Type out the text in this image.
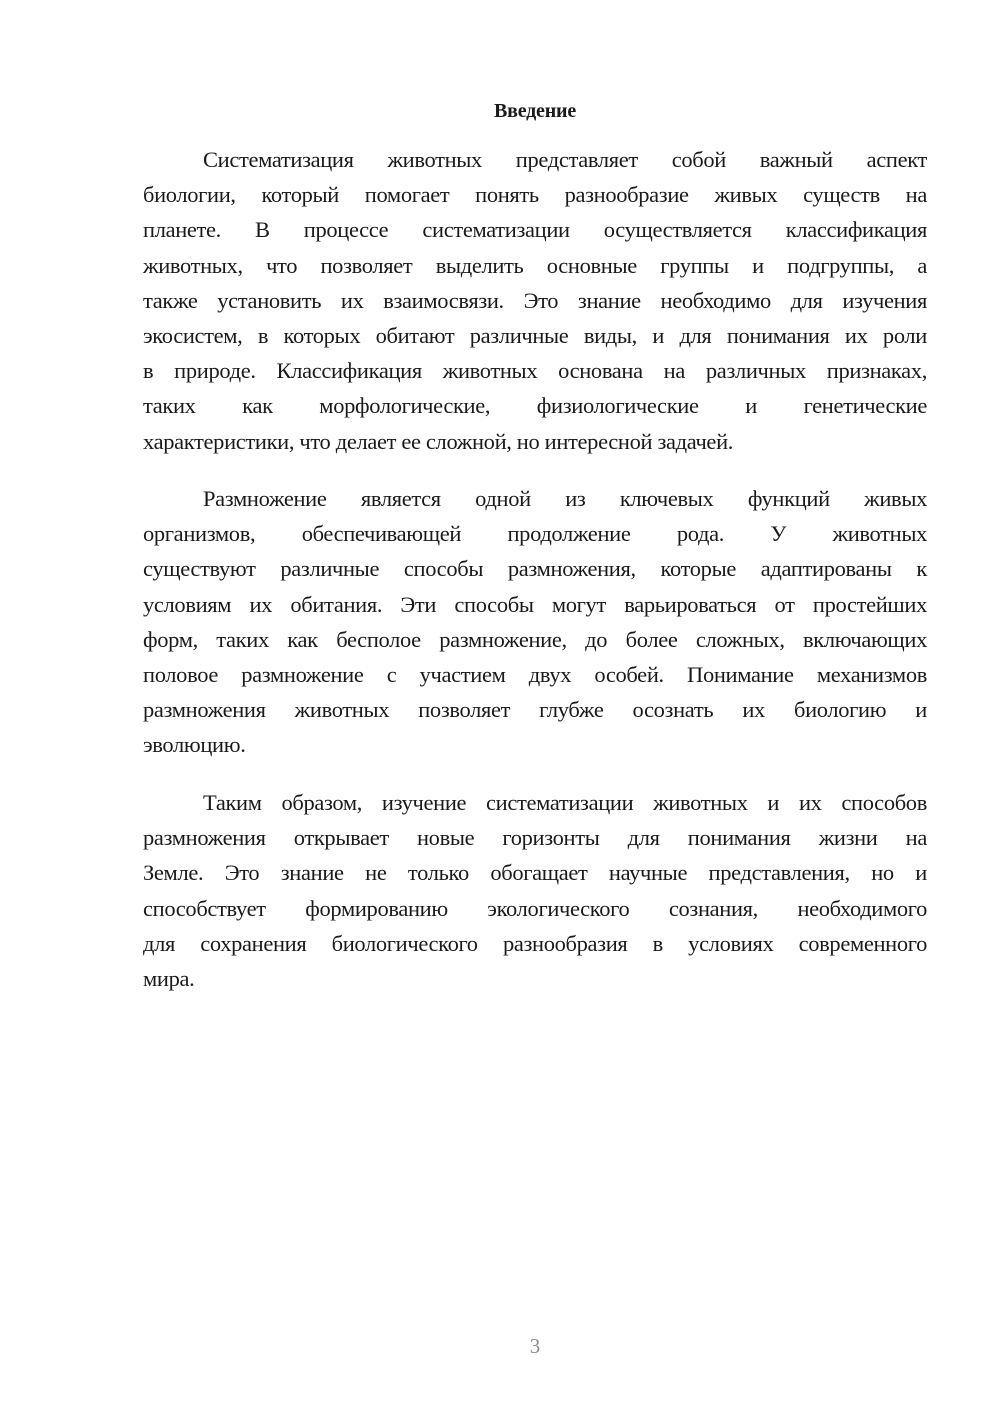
Введение
Систематизация животных представляет собой важный аспект
биологии, который помогает понять разнообразие живых существ на
планете. В процессе систематизации осуществляется классификация
животных, что позволяет выделить основные группы и подгруппы, а
также установить их взаимосвязи. Это знание необходимо для изучения
экосистем, в которых обитают различные виды, и для понимания их роли
в природе. Классификация животных основана на различных признаках,
таких как морфологические, физиологические и генетические
характеристики, что делает ее сложной, но интересной задачей.
Размножение является одной из ключевых функций живых
организмов, обеспечивающей продолжение рода. У животных
существуют различные способы размножения, которые адаптированы к
условиям их обитания. Эти способы могут варьироваться от простейших
форм, таких как бесполое размножение, до более сложных, включающих
половое размножение с участием двух особей. Понимание механизмов
размножения животных позволяет глубже осознать их биологию и
эволюцию.
Таким образом, изучение систематизации животных и их способов
размножения открывает новые горизонты для понимания жизни на
Земле. Это знание не только обогащает научные представления, но и
способствует формированию экологического сознания, необходимого
для сохранения биологического разнообразия в условиях современного
мира.
3
